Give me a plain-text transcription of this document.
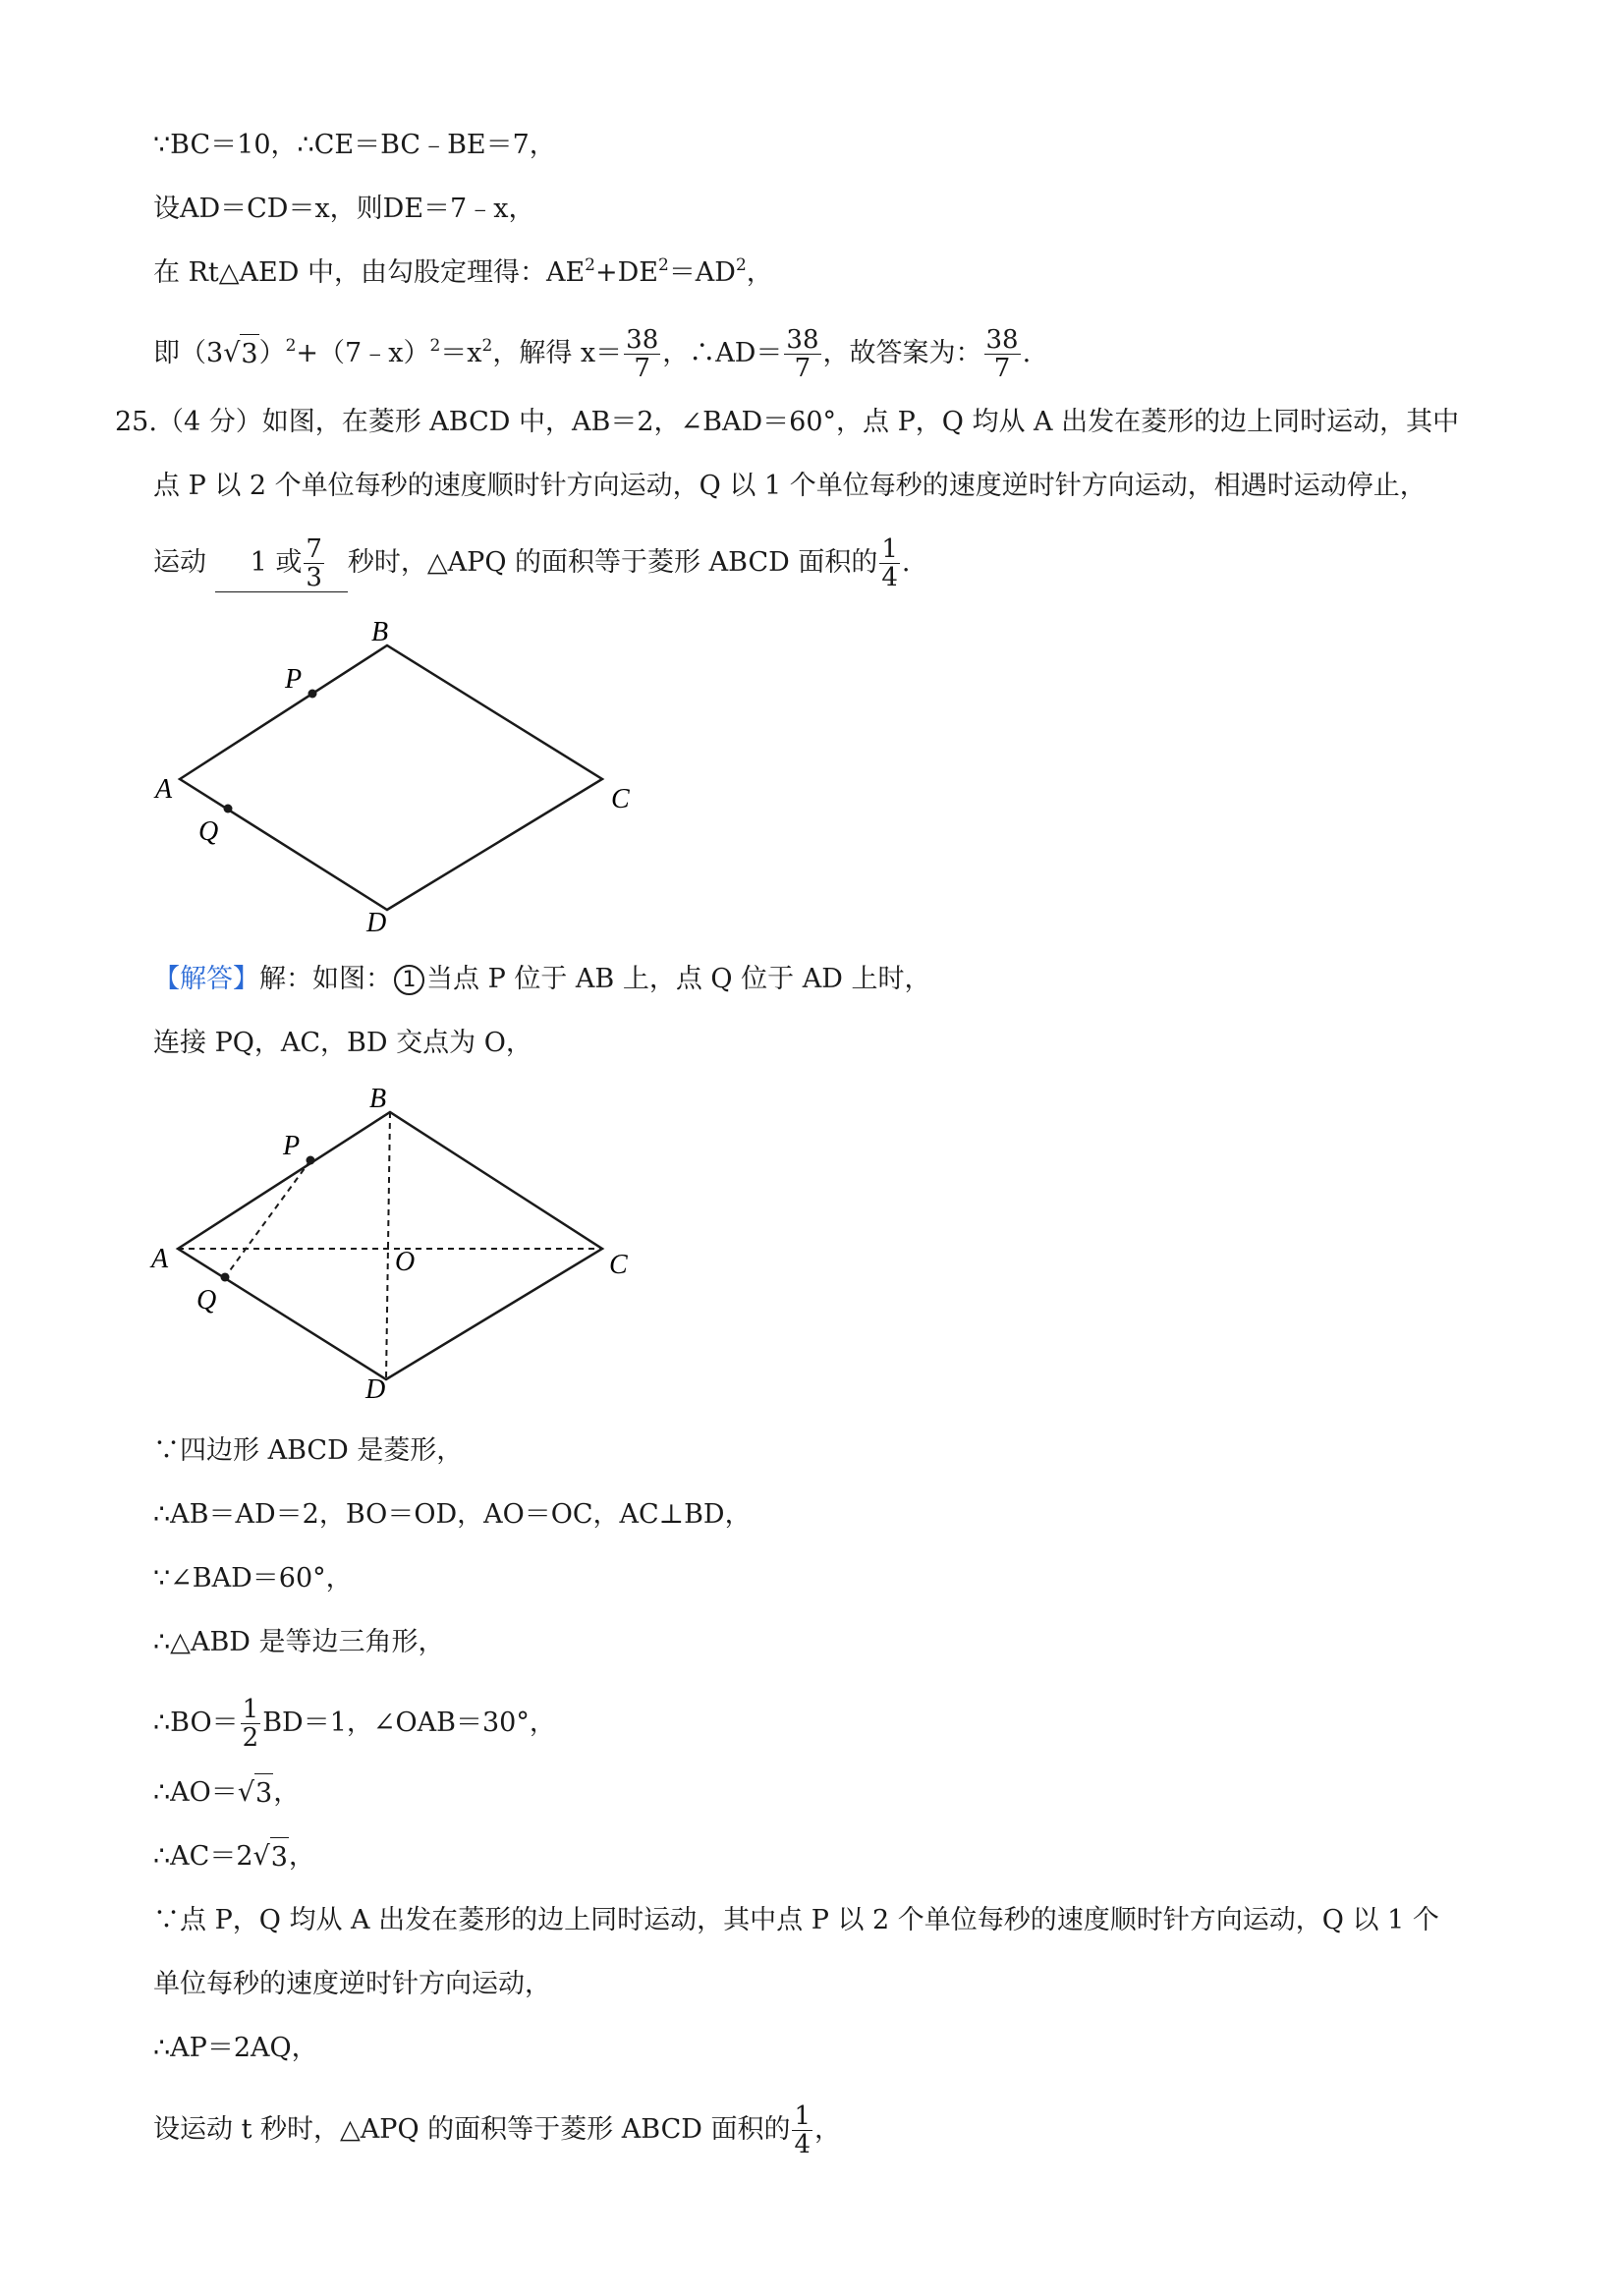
∵BC＝10，∴CE＝BC﹣BE＝7，
设AD＝CD＝x，则DE＝7﹣x，
在 Rt△AED 中，由勾股定理得：$AE^2+DE^2=AD^2$，
即（3 √ 3 ）$^2+(7﹣x)^2=x^2$，解得 $x= \frac{38}{7}$ ，∴AD＝ $\frac{38}{7}$ ，故答案为： $\frac{38}{7}$ .
25.（4 分）如图，在菱形 ABCD 中，AB＝2，∠BAD＝60°，点 P，Q 均从 A 出发在菱形的边上同时运动，其中
点 P 以 2 个单位每秒的速度顺时针方向运动，Q 以 1 个单位每秒的速度逆时针方向运动，相遇时运动停止，
运动 1 或 $\frac{7}{3}$ 秒时，△APQ 的面积等于菱形 ABCD 面积的 $\frac{1}{4}$ .
B
P
A	C
Q
D
【解答】解：如图： 1 当点 P 位于 AB 上，点 Q 位于 AD 上时，
连接 PQ，AC，BD 交点为 O，
B
P
A	O	C
Q
D
∵四边形 ABCD 是菱形，
∴AB＝AD＝2，BO＝OD，AO＝OC，AC⊥BD，
∵∠BAD＝60°，
∴△ABD 是等边三角形，
∴BO＝ $\frac{1}{2} BD=1$，∠OAB＝30°，
∴AO＝ √ 3 ，
∴AC＝2 √ 3 ，
∵点 P，Q 均从 A 出发在菱形的边上同时运动，其中点 P 以 2 个单位每秒的速度顺时针方向运动，Q 以 1 个
单位每秒的速度逆时针方向运动，
∴AP＝2AQ，
设运动 t 秒时，△APQ 的面积等于菱形 ABCD 面积的 $\frac{1}{4}$ ，
